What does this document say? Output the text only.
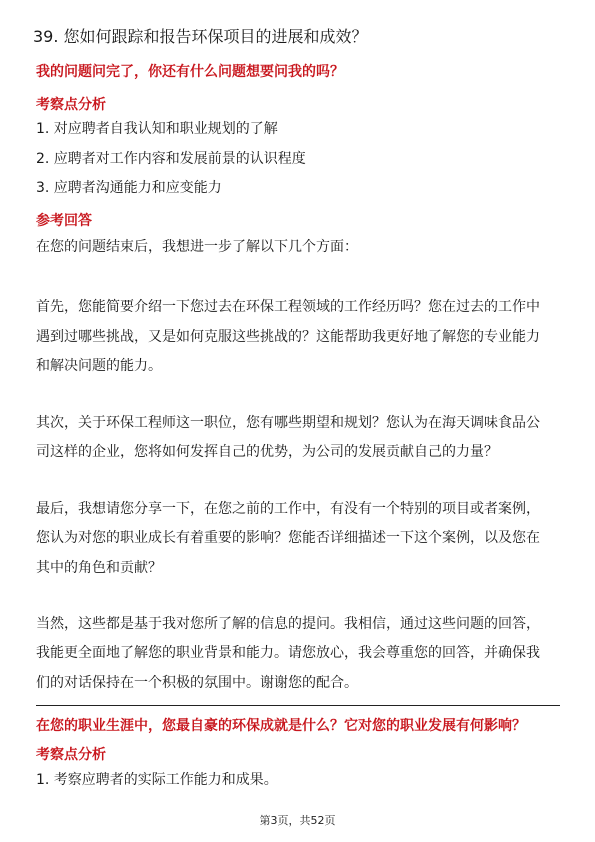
39. 您如何跟踪和报告环保项目的进展和成效？
我的问题问完了，你还有什么问题想要问我的吗？
考察点分析
1. 对应聘者自我认知和职业规划的了解
2. 应聘者对工作内容和发展前景的认识程度
3. 应聘者沟通能力和应变能力
参考回答
在您的问题结束后，我想进一步了解以下几个方面：
首先，您能简要介绍一下您过去在环保工程领域的工作经历吗？您在过去的工作中
遇到过哪些挑战，又是如何克服这些挑战的？这能帮助我更好地了解您的专业能力
和解决问题的能力。
其次，关于环保工程师这一职位，您有哪些期望和规划？您认为在海天调味食品公
司这样的企业，您将如何发挥自己的优势，为公司的发展贡献自己的力量？
最后，我想请您分享一下，在您之前的工作中，有没有一个特别的项目或者案例，
您认为对您的职业成长有着重要的影响？您能否详细描述一下这个案例，以及您在
其中的角色和贡献？
当然，这些都是基于我对您所了解的信息的提问。我相信，通过这些问题的回答，
我能更全面地了解您的职业背景和能力。请您放心，我会尊重您的回答，并确保我
们的对话保持在一个积极的氛围中。谢谢您的配合。
在您的职业生涯中，您最自豪的环保成就是什么？它对您的职业发展有何影响？
考察点分析
1. 考察应聘者的实际工作能力和成果。
第3页，共52页
